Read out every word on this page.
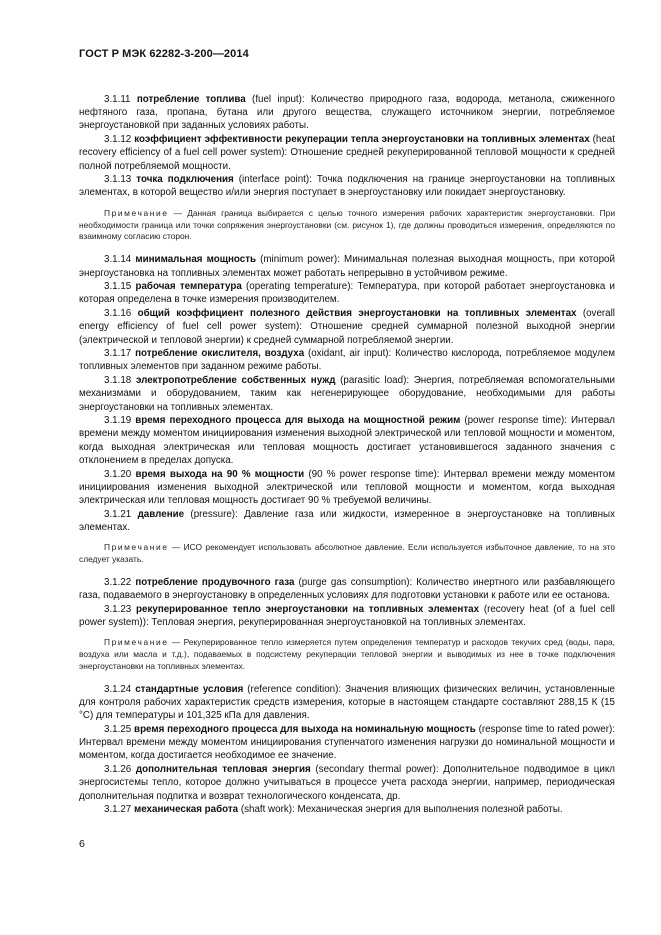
ГОСТ Р МЭК 62282-3-200—2014

3.1.11 потребление топлива (fuel input): Количество природного газа, водорода, метанола, сжиженного нефтяного газа, пропана, бутана или другого вещества, служащего источником энергии, потребляемое энергоустановкой при заданных условиях работы.

3.1.12 коэффициент эффективности рекуперации тепла энергоустановки на топливных элементах (heat recovery efficiency of a fuel cell power system): Отношение средней рекуперированной тепловой мощности к средней полной потребляемой мощности.

3.1.13 точка подключения (interface point): Точка подключения на границе энергоустановки на топливных элементах, в которой вещество и/или энергия поступает в энергоустановку или покидает энергоустановку.

Примечание — Данная граница выбирается с целью точного измерения рабочих характеристик энергоустановки. При необходимости граница или точки сопряжения энергоустановки (см. рисунок 1), где должны проводиться измерения, определяются по взаимному согласию сторон.

3.1.14 минимальная мощность (minimum power): Минимальная полезная выходная мощность, при которой энергоустановка на топливных элементах может работать непрерывно в устойчивом режиме.

3.1.15 рабочая температура (operating temperature): Температура, при которой работает энергоустановка и которая определена в точке измерения производителем.

3.1.16 общий коэффициент полезного действия энергоустановки на топливных элементах (overall energy efficiency of fuel cell power system): Отношение средней суммарной полезной выходной энергии (электрической и тепловой энергии) к средней суммарной потребляемой энергии.

3.1.17 потребление окислителя, воздуха (oxidant, air input): Количество кислорода, потребляемое модулем топливных элементов при заданном режиме работы.

3.1.18 электропотребление собственных нужд (parasitic load): Энергия, потребляемая вспомогательными механизмами и оборудованием, таким как негенерирующее оборудование, необходимыми для работы энергоустановки на топливных элементах.

3.1.19 время переходного процесса для выхода на мощностной режим (power response time): Интервал времени между моментом инициирования изменения выходной электрической или тепловой мощности и моментом, когда выходная электрическая или тепловая мощность достигает установившегося заданного значения с отклонением в пределах допуска.

3.1.20 время выхода на 90 % мощности (90 % power response time): Интервал времени между моментом инициирования изменения выходной электрической или тепловой мощности и моментом, когда выходная электрическая или тепловая мощность достигает 90 % требуемой величины.

3.1.21 давление (pressure): Давление газа или жидкости, измеренное в энергоустановке на топливных элементах.

Примечание — ИСО рекомендует использовать абсолютное давление. Если используется избыточное давление, то на это следует указать.

3.1.22 потребление продувочного газа (purge gas consumption): Количество инертного или разбавляющего газа, подаваемого в энергоустановку в определенных условиях для подготовки установки к работе или ее останова.

3.1.23 рекуперированное тепло энергоустановки на топливных элементах (recovery heat (of a fuel cell power system)): Тепловая энергия, рекуперированная энергоустановкой на топливных элементах.

Примечание — Рекуперированное тепло измеряется путем определения температур и расходов текучих сред (воды, пара, воздуха или масла и т.д.), подаваемых в подсистему рекуперации тепловой энергии и выводимых из нее в точке подключения энергоустановки на топливных элементах.

3.1.24 стандартные условия (reference condition): Значения влияющих физических величин, установленные для контроля рабочих характеристик средств измерения, которые в настоящем стандарте составляют 288,15 К (15 °С) для температуры и 101,325 кПа для давления.

3.1.25 время переходного процесса для выхода на номинальную мощность (response time to rated power): Интервал времени между моментом инициирования ступенчатого изменения нагрузки до номинальной мощности и моментом, когда достигается необходимое ее значение.

3.1.26 дополнительная тепловая энергия (secondary thermal power): Дополнительное подводимое в цикл энергосистемы тепло, которое должно учитываться в процессе учета расхода энергии, например, периодическая дополнительная подпитка и возврат технологического конденсата, др.

3.1.27 механическая работа (shaft work): Механическая энергия для выполнения полезной работы.

6
